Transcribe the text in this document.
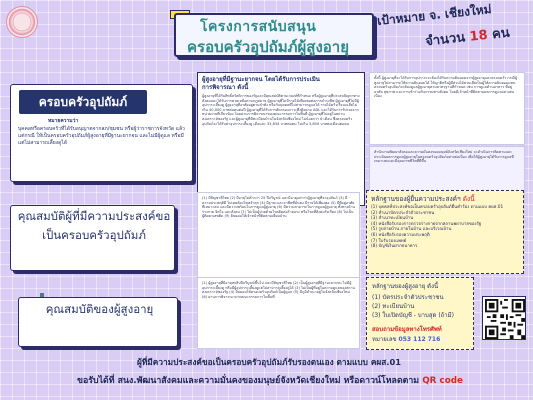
โครงการสนับสนุน
ครอบครัวอุปถัมภ์ผู้สูงอายุ
เป้าหมาย จ. เชียงใหม่
จำนวน 18 คน
ครอบครัวอุปถัมภ์
หมายความว่า
บุคคลหรือครอบครัวที่ได้รับอนุญาตจากสภ/ชุมชน หรือผู้ว่าราชการจังหวัด แล้วแต่กรณี ให้เป็นครอบครัวอุปถัมภ์ผู้สูงอายุที่มีฐานะยากจน และไม่มีผู้ดูแล หรือมีแต่ไม่สามารถเลี้ยงดูได้
คุณสมบัติผู้ที่มีความประสงค์ขอเป็นครอบครัวอุปถัมภ์
คุณสมบัติของผู้สูงอายุ
ผู้สูงอายุที่มีฐานะยากจน โดยได้รับการประเมิน
การพิจารณา ดังนี้
ผู้สูงอายุที่ได้รับสิทธิ์สวัสดิการของรัฐและมีคุณสมบัติตามเกณฑ์ที่กำหนด หรือผู้สูงอายุที่ประสบปัญหาทางสังคมและได้รับการช่วยเหลือตามกฎหมาย ผู้สูงอายุที่ไม่มีรายได้เพียงพอต่อการดำรงชีพ ผู้สูงอายุที่ไม่มีผู้อุปการะเลี้ยงดู ผู้สูงอายุที่อาศัยอยู่ตามลำพัง หรือกับบุคคลที่ไม่สามารถดูแลได้ รายได้ครัวเรือนเฉลี่ยไม่เกิน 40,000 บาทต่อคนต่อปี ผู้สูงอายุที่ได้รับการคัดกรองภาวะพึ่งพิงตาม ADL และได้รับการรับรองจากหน่วยงานที่เกี่ยวข้อง โดยผ่านการพิจารณาของคณะกรรมการในพื้นที่ ผู้สูงอายุที่ไม่อยู่ในสถานสงเคราะห์ของรัฐ และผู้สูงอายุที่มีทะเบียนบ้านในจังหวัดเชียงใหม่ ไม่น้อยกว่า 6 เดือน ซึ่งครอบครัวอุปถัมภ์จะได้รับค่าอุปการะเลี้ยงดู เดือนละ 33,634 บาทต่อคน ไม่เกิน 3,800 บาทต่อเดือนต่อคน
ทั้งนี้ ผู้สูงอายุที่จะได้รับการอุปการะจะต้องได้รับความยินยอมจากผู้สูงอายุและครอบครัว กรณีผู้สูงอายุไม่สามารถให้ความยินยอมได้ ให้ญาติหรือผู้มีส่วนได้ส่วนเสียเป็นผู้ให้ความยินยอมแทน ครอบครัวอุปถัมภ์จะต้องดูแลผู้สูงอายุตามมาตรฐานที่กำหนด เช่น การดูแลด้านอาหาร ที่อยู่อาศัย สุขภาพ และการเข้าร่วมกิจกรรมทางสังคม โดยมีเจ้าหน้าที่ติดตามผลการดูแลอย่างต่อเนื่อง
สำนักงานพัฒนาสังคมและความมั่นคงของมนุษย์จังหวัดเชียงใหม่ จะดำเนินการติดตามและประเมินผลการดูแลผู้สูงอายุในครอบครัวอุปถัมภ์อย่างต่อเนื่อง เพื่อให้ผู้สูงอายุได้รับการดูแลที่เหมาะสมและมีคุณภาพชีวิตที่ดีขึ้น
(1) มีสัญชาติไทย (2) มีอายุไม่ต่ำกว่า 25 ปีบริบูรณ์ และมีอายุแก่กว่าผู้สูงอายุที่จะอุปถัมภ์ (3) มีความประพฤติดี ไม่เคยต้องโทษจำคุก (4) มีฐานะและอาชีพที่มั่นคง มีรายได้เพียงพอ (5) มีที่อยู่อาศัยที่เหมาะสม และมีความพร้อมในการดูแลผู้สูงอายุ (6) มีความสามารถในการดูแลผู้สูงอายุ ทั้งทางด้านร่างกาย จิตใจ และสังคม (7) ไม่เป็นผู้ป่วยด้วยโรคติดต่อร้ายแรง หรือโรคที่สังคมรังเกียจ (8) ไม่เป็นผู้ติดยาเสพติด (9) ยินยอมให้เจ้าหน้าที่ติดตามเยี่ยมบ้าน
หลักฐานของผู้ยื่นความประสงค์ฯ ดังนี้
(1) บุคคลที่ประสงค์ขอเป็นครอบครัวอุปถัมภ์ยื่นคำร้อง ตามแบบ คผส.01
(2) สำเนาบัตรประจำตัวประชาชน
(3) สำเนาทะเบียนบ้าน
(4) หนังสือรับรองการตรวจร่างกายจากสถานพยาบาลของรัฐ
(5) รูปถ่ายบ้าน ภายในบ้าน และบริเวณบ้าน
(6) หนังสือรับรองความประพฤติ
(7) ใบรับรองแพทย์
(8) บัญชีเงินฝากธนาคาร
(1) ผู้สูงอายุที่มีอายุหกสิบปีบริบูรณ์ขึ้นไป และมีสัญชาติไทย (2) เป็นผู้สูงอายุที่มีฐานะยากจน ไม่มีผู้อุปการะเลี้ยงดู หรือมีผู้อุปการะเลี้ยงดูแต่ไม่สามารถเลี้ยงดูได้ (3) ไม่เป็นผู้ที่อยู่ในความดูแลของสถานสงเคราะห์ของรัฐ (4) ยินยอมให้ครอบครัวอุปถัมภ์เป็นผู้ดูแล (5) มีภูมิลำเนาอยู่ในจังหวัดเชียงใหม่ (6) ผ่านการพิจารณาจากคณะกรรมการในพื้นที่
หลักฐานของผู้สูงอายุ ดังนี้
(1) บัตรประจำตัวประชาชน
(2) ทะเบียนบ้าน
(3) ใบเปิดบัญชี - บาบสุด (ถ้ามี)
สอบถามข้อมูลทางโทรศัพท์
หมายเลข 053 112 716
ผู้ที่มีความประสงค์ขอเป็นครอบครัวอุปถัมภ์รับรองตนเอง ตามแบบ คผส.01
ขอรับได้ที่ สนง.พัฒนาสังคมและความมั่นคงของมนุษย์จังหวัดเชียงใหม่ หรือดาวน์โหลดตาม QR code
